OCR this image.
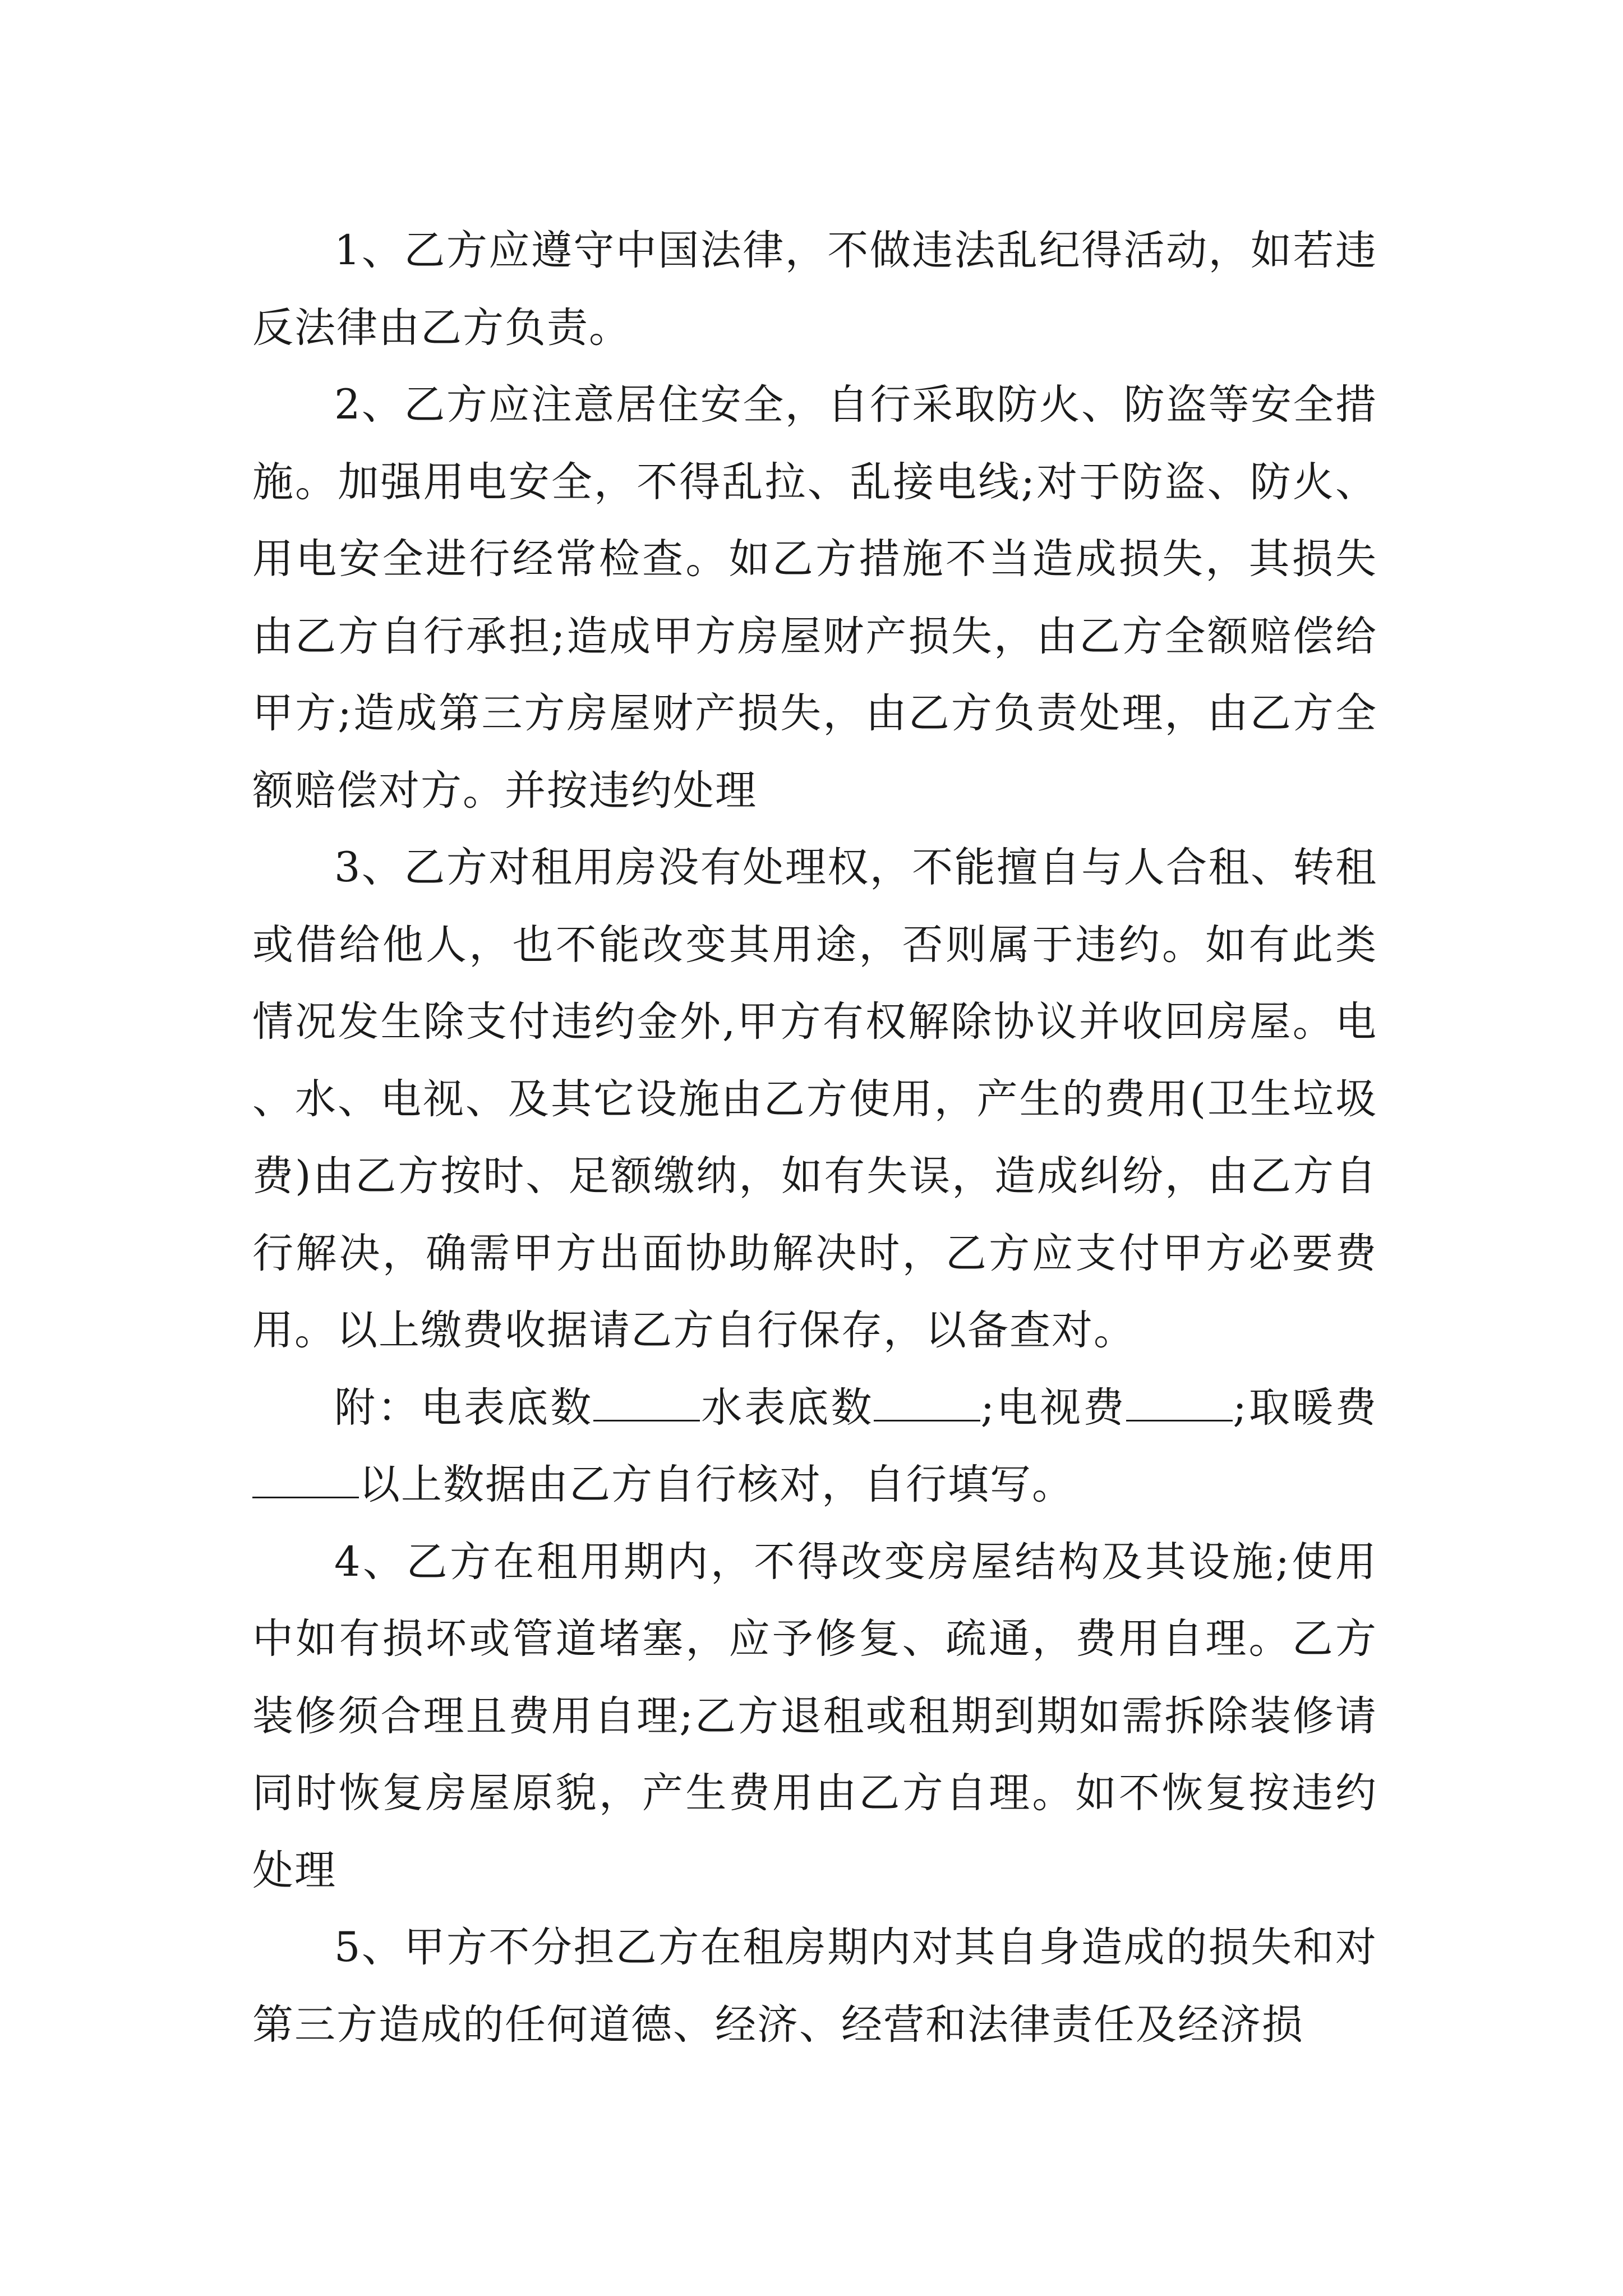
1、乙方应遵守中国法律，不做违法乱纪得活动，如若违反法律由乙方负责。

2、乙方应注意居住安全，自行采取防火、防盗等安全措施。加强用电安全，不得乱拉、乱接电线;对于防盗、防火、用电安全进行经常检查。如乙方措施不当造成损失，其损失由乙方自行承担;造成甲方房屋财产损失，由乙方全额赔偿给甲方;造成第三方房屋财产损失，由乙方负责处理，由乙方全额赔偿对方。并按违约处理

3、乙方对租用房没有处理权，不能擅自与人合租、转租或借给他人，也不能改变其用途，否则属于违约。如有此类情况发生除支付违约金外,甲方有权解除协议并收回房屋。电、水、电视、及其它设施由乙方使用，产生的费用(卫生垃圾费)由乙方按时、足额缴纳，如有失误，造成纠纷，由乙方自行解决，确需甲方出面协助解决时，乙方应支付甲方必要费用。以上缴费收据请乙方自行保存，以备查对。

附：电表底数	水表底数	;电视费	;取暖费以上数据由乙方自行核对，自行填写。

4、乙方在租用期内，不得改变房屋结构及其设施;使用中如有损坏或管道堵塞，应予修复、疏通，费用自理。乙方装修须合理且费用自理;乙方退租或租期到期如需拆除装修请同时恢复房屋原貌，产生费用由乙方自理。如不恢复按违约处理

5、甲方不分担乙方在租房期内对其自身造成的损失和对第三方造成的任何道德、经济、经营和法律责任及经济损
